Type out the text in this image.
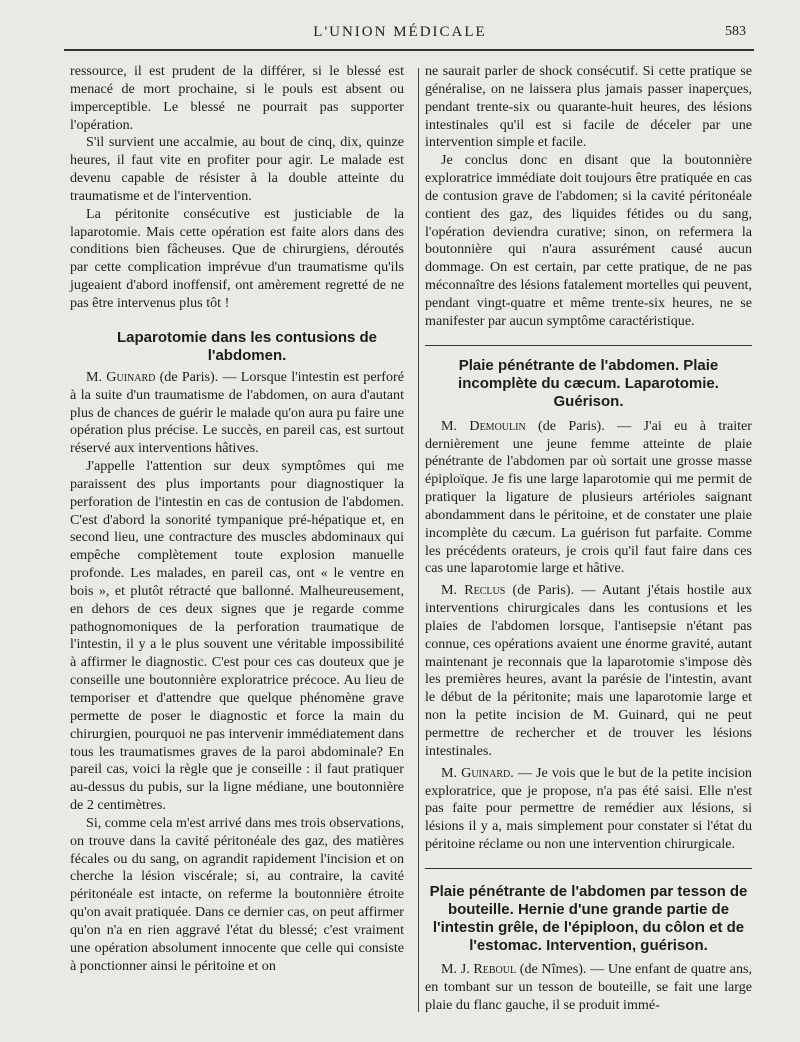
L'UNION MÉDICALE	583

ressource, il est prudent de la différer, si le blessé est menacé de mort prochaine, si le pouls est absent ou imperceptible. Le blessé ne pourrait pas supporter l'opération.

S'il survient une accalmie, au bout de cinq, dix, quinze heures, il faut vite en profiter pour agir. Le malade est devenu capable de résister à la double atteinte du traumatisme et de l'intervention.

La péritonite consécutive est justiciable de la laparotomie. Mais cette opération est faite alors dans des conditions bien fâcheuses. Que de chirurgiens, déroutés par cette complication imprévue d'un traumatisme qu'ils jugeaient d'abord inoffensif, ont amèrement regretté de ne pas être intervenus plus tôt !

Laparotomie dans les contusions de l'abdomen.

M. Guinard (de Paris). — Lorsque l'intestin est perforé à la suite d'un traumatisme de l'abdomen, on aura d'autant plus de chances de guérir le malade qu'on aura pu faire une opération plus précise. Le succès, en pareil cas, est surtout réservé aux interventions hâtives.

J'appelle l'attention sur deux symptômes qui me paraissent des plus importants pour diagnostiquer la perforation de l'intestin en cas de contusion de l'abdomen. C'est d'abord la sonorité tympanique pré-hépatique et, en second lieu, une contracture des muscles abdominaux qui empêche complètement toute explosion manuelle profonde. Les malades, en pareil cas, ont « le ventre en bois », et plutôt rétracté que ballonné. Malheureusement, en dehors de ces deux signes que je regarde comme pathognomoniques de la perforation traumatique de l'intestin, il y a le plus souvent une véritable impossibilité à affirmer le diagnostic. C'est pour ces cas douteux que je conseille une boutonnière exploratrice précoce. Au lieu de temporiser et d'attendre que quelque phénomène grave permette de poser le diagnostic et force la main du chirurgien, pourquoi ne pas intervenir immédiatement dans tous les traumatismes graves de la paroi abdominale? En pareil cas, voici la règle que je conseille : il faut pratiquer au-dessus du pubis, sur la ligne médiane, une boutonnière de 2 centimètres.

Si, comme cela m'est arrivé dans mes trois observations, on trouve dans la cavité péritonéale des gaz, des matières fécales ou du sang, on agrandit rapidement l'incision et on cherche la lésion viscérale; si, au contraire, la cavité péritonéale est intacte, on referme la boutonnière étroite qu'on avait pratiquée. Dans ce dernier cas, on peut affirmer qu'on n'a en rien aggravé l'état du blessé; c'est vraiment une opération absolument innocente que celle qui consiste à ponctionner ainsi le péritoine et on

ne saurait parler de shock consécutif. Si cette pratique se généralise, on ne laissera plus jamais passer inaperçues, pendant trente-six ou quarante-huit heures, des lésions intestinales qu'il est si facile de déceler par une intervention simple et facile.

Je conclus donc en disant que la boutonnière exploratrice immédiate doit toujours être pratiquée en cas de contusion grave de l'abdomen; si la cavité péritonéale contient des gaz, des liquides fétides ou du sang, l'opération deviendra curative; sinon, on refermera la boutonnière qui n'aura assurément causé aucun dommage. On est certain, par cette pratique, de ne pas méconnaître des lésions fatalement mortelles qui peuvent, pendant vingt-quatre et même trente-six heures, ne se manifester par aucun symptôme caractéristique.

Plaie pénétrante de l'abdomen. Plaie incomplète du cæcum. Laparotomie. Guérison.

M. Demoulin (de Paris). — J'ai eu à traiter dernièrement une jeune femme atteinte de plaie pénétrante de l'abdomen par où sortait une grosse masse épiploïque. Je fis une large laparotomie qui me permit de pratiquer la ligature de plusieurs artérioles saignant abondamment dans le péritoine, et de constater une plaie incomplète du cæcum. La guérison fut parfaite. Comme les précédents orateurs, je crois qu'il faut faire dans ces cas une laparotomie large et hâtive.

M. Reclus (de Paris). — Autant j'étais hostile aux interventions chirurgicales dans les contusions et les plaies de l'abdomen lorsque, l'antisepsie n'étant pas connue, ces opérations avaient une énorme gravité, autant maintenant je reconnais que la laparotomie s'impose dès les premières heures, avant la parésie de l'intestin, avant le début de la péritonite; mais une laparotomie large et non la petite incision de M. Guinard, qui ne peut permettre de rechercher et de trouver les lésions intestinales.

M. Guinard. — Je vois que le but de la petite incision exploratrice, que je propose, n'a pas été saisi. Elle n'est pas faite pour permettre de remédier aux lésions, si lésions il y a, mais simplement pour constater si l'état du péritoine réclame ou non une intervention chirurgicale.

Plaie pénétrante de l'abdomen par tesson de bouteille. Hernie d'une grande partie de l'intestin grêle, de l'épiploon, du côlon et de l'estomac. Intervention, guérison.

M. J. Reboul (de Nîmes). — Une enfant de quatre ans, en tombant sur un tesson de bouteille, se fait une large plaie du flanc gauche, il se produit immé-
